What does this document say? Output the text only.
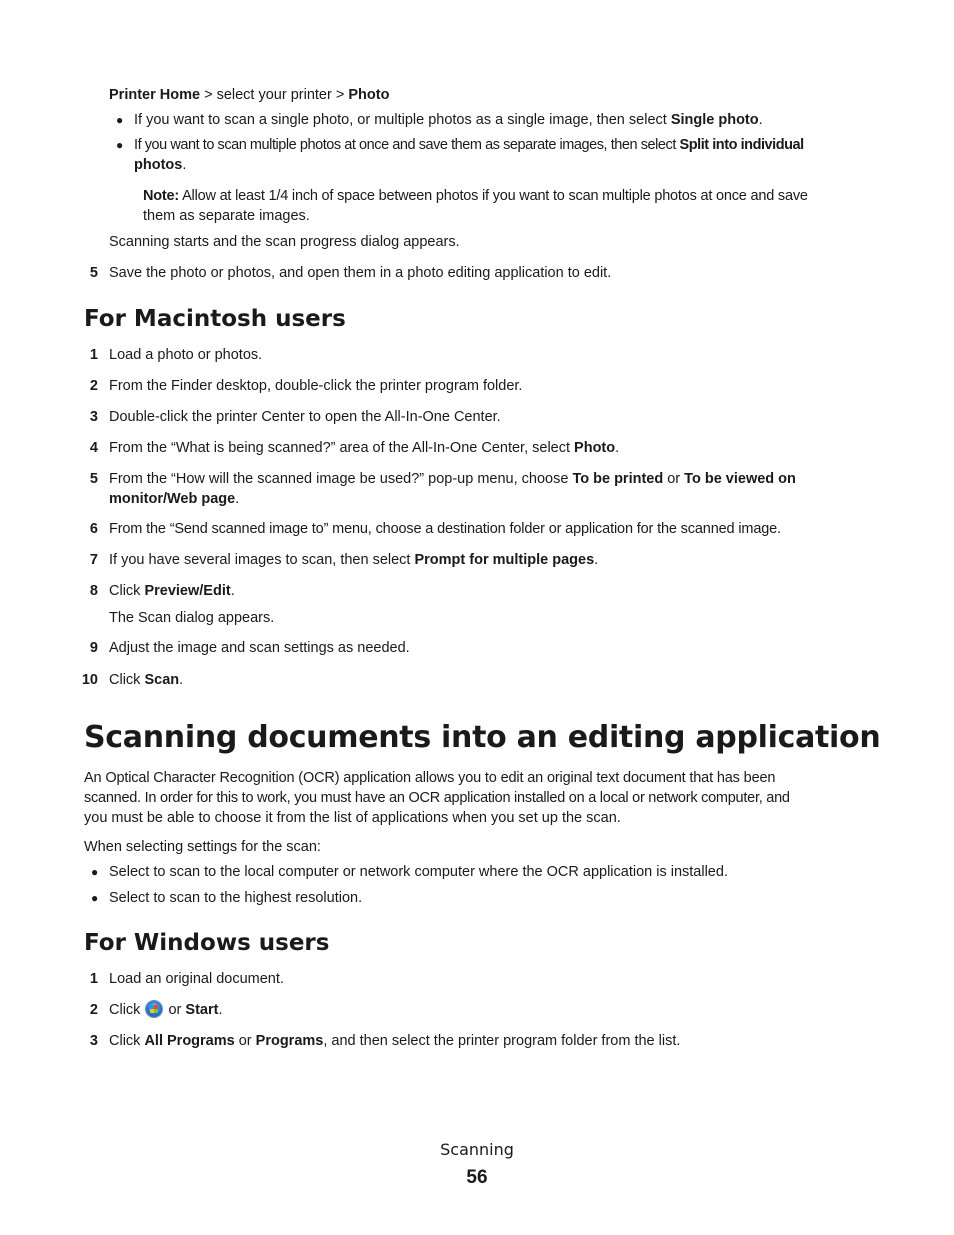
Printer Home > select your printer > Photo
●
If you want to scan a single photo, or multiple photos as a single image, then select Single photo.
●
If you want to scan multiple photos at once and save them as separate images, then select Split into individual
photos.
Note: Allow at least 1/4 inch of space between photos if you want to scan multiple photos at once and save
them as separate images.
Scanning starts and the scan progress dialog appears.
5 Save the photo or photos, and open them in a photo editing application to edit.
For Macintosh users
1 Load a photo or photos.
2 From the Finder desktop, double-click the printer program folder.
3 Double-click the printer Center to open the All-In-One Center.
4 From the “What is being scanned?” area of the All-In-One Center, select Photo.
5 From the “How will the scanned image be used?” pop-up menu, choose To be printed or To be viewed on
monitor/Web page.
6 From the “Send scanned image to” menu, choose a destination folder or application for the scanned image.
7 If you have several images to scan, then select Prompt for multiple pages.
8 Click Preview/Edit.
The Scan dialog appears.
9 Adjust the image and scan settings as needed.
10 Click Scan.
Scanning documents into an editing application
An Optical Character Recognition (OCR) application allows you to edit an original text document that has been
scanned. In order for this to work, you must have an OCR application installed on a local or network computer, and
you must be able to choose it from the list of applications when you set up the scan.
When selecting settings for the scan:
●
Select to scan to the local computer or network computer where the OCR application is installed.
●
Select to scan to the highest resolution.
For Windows users
1 Load an original document.
2 Click  or Start.
3 Click All Programs or Programs, and then select the printer program folder from the list.
Scanning
56
